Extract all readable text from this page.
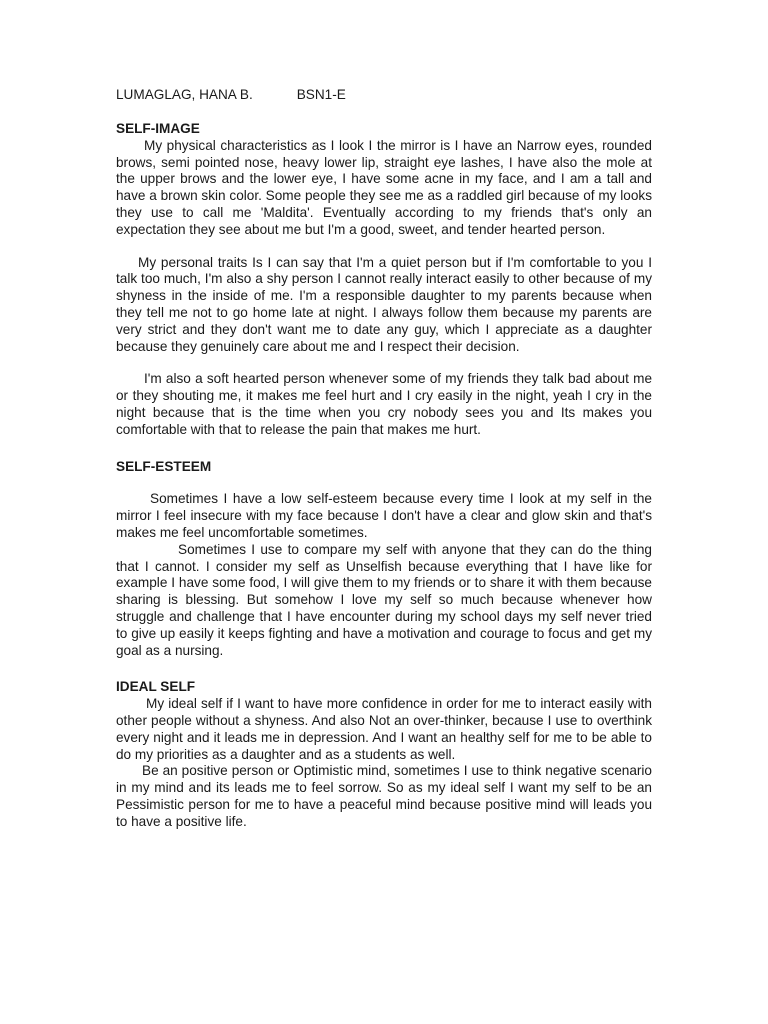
LUMAGLAG, HANA B.	BSN1-E
SELF-IMAGE

My physical characteristics as I look I the mirror is I have an Narrow eyes, rounded brows, semi pointed nose, heavy lower lip, straight eye lashes, I have also the mole at the upper brows and the lower eye, I have some acne in my face, and I am a tall and have a brown skin color. Some people they see me as a raddled girl because of my looks they use to call me 'Maldita'. Eventually according to my friends that's only an expectation they see about me but I'm a good, sweet, and tender hearted person.

My personal traits Is I can say that I'm a quiet person but if I'm comfortable to you I talk too much, I'm also a shy person I cannot really interact easily to other because of my shyness in the inside of me. I'm a responsible daughter to my parents because when they tell me not to go home late at night. I always follow them because my parents are very strict and they don't want me to date any guy, which I appreciate as a daughter because they genuinely care about me and I respect their decision.

I'm also a soft hearted person whenever some of my friends they talk bad about me or they shouting me, it makes me feel hurt and I cry easily in the night, yeah I cry in the night because that is the time when you cry nobody sees you and Its makes you comfortable with that to release the pain that makes me hurt.

SELF-ESTEEM

Sometimes I have a low self-esteem because every time I look at my self in the mirror I feel insecure with my face because I don't have a clear and glow skin and that's makes me feel uncomfortable sometimes.

Sometimes I use to compare my self with anyone that they can do the thing that I cannot. I consider my self as Unselfish because everything that I have like for example I have some food, I will give them to my friends or to share it with them because sharing is blessing. But somehow I love my self so much because whenever how struggle and challenge that I have encounter during my school days my self never tried to give up easily it keeps fighting and have a motivation and courage to focus and get my goal as a nursing.

IDEAL SELF

My ideal self if I want to have more confidence in order for me to interact easily with other people without a shyness. And also Not an over-thinker, because I use to overthink every night and it leads me in depression. And I want an healthy self for me to be able to do my priorities as a daughter and as a students as well.

Be an positive person or Optimistic mind, sometimes I use to think negative scenario in my mind and its leads me to feel sorrow. So as my ideal self I want my self to be an Pessimistic person for me to have a peaceful mind because positive mind will leads you to have a positive life.
